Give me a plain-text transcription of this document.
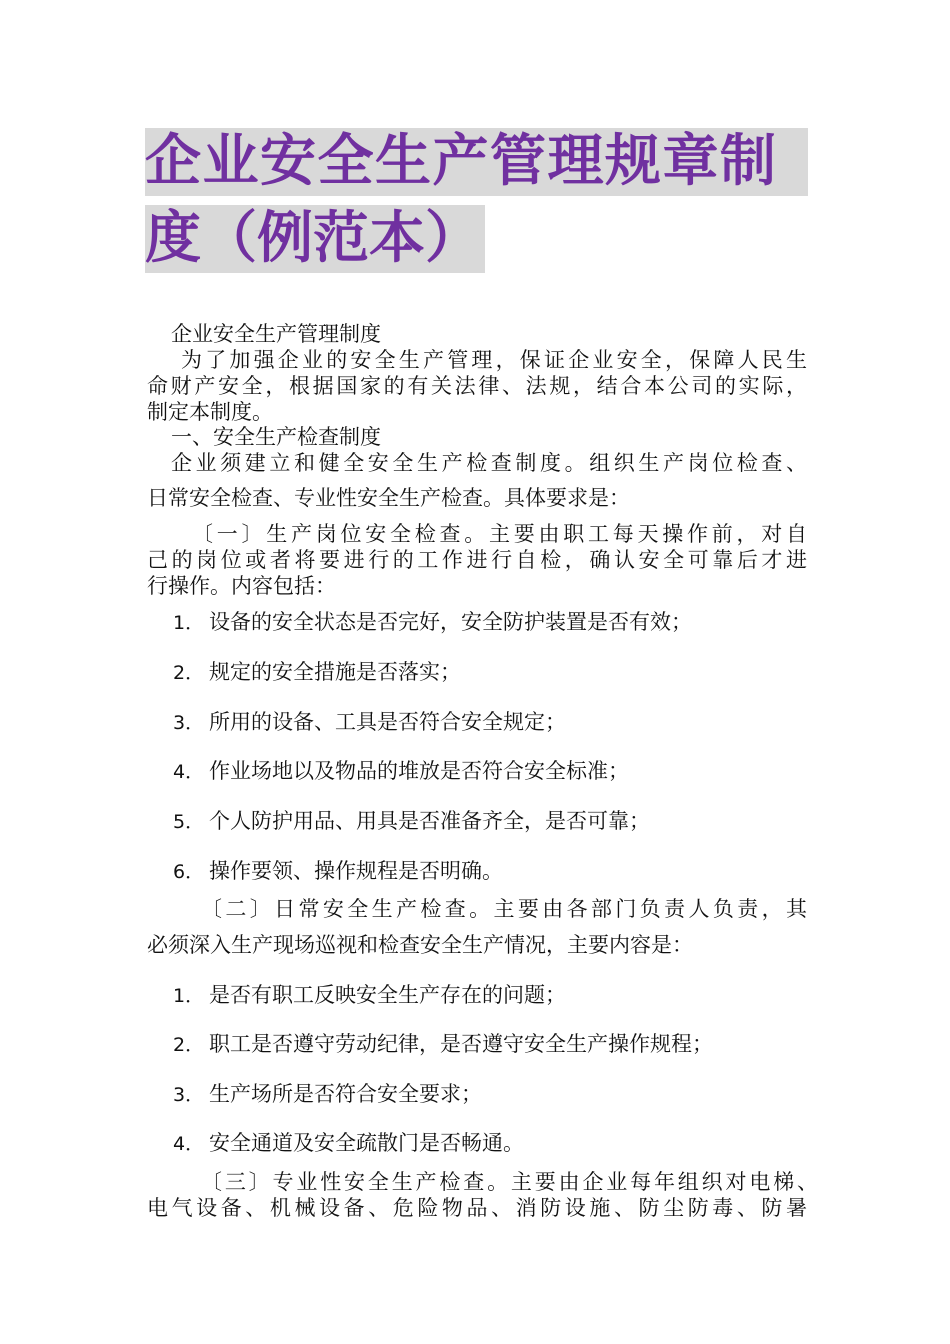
企业安全生产管理规章制
度（例范本）
企业安全生产管理制度
为了加强企业的安全生产管理，保证企业安全，保障人民生
命财产安全，根据国家的有关法律、法规，结合本公司的实际，
制定本制度。
一、安全生产检查制度
企业须建立和健全安全生产检查制度。组织生产岗位检查、
日常安全检查、专业性安全生产检查。具体要求是：
〔一〕生产岗位安全检查。主要由职工每天操作前，对自
己的岗位或者将要进行的工作进行自检，确认安全可靠后才进
行操作。内容包括：
1． 设备的安全状态是否完好，安全防护装置是否有效；
2． 规定的安全措施是否落实；
3． 所用的设备、工具是否符合安全规定；
4． 作业场地以及物品的堆放是否符合安全标准；
5． 个人防护用品、用具是否准备齐全，是否可靠；
6． 操作要领、操作规程是否明确。
〔二〕日常安全生产检查。主要由各部门负责人负责，其
必须深入生产现场巡视和检查安全生产情况，主要内容是：
1． 是否有职工反映安全生产存在的问题；
2． 职工是否遵守劳动纪律，是否遵守安全生产操作规程；
3． 生产场所是否符合安全要求；
4． 安全通道及安全疏散门是否畅通。
〔三〕专业性安全生产检查。主要由企业每年组织对电梯、
电气设备、机械设备、危险物品、消防设施、防尘防毒、防暑
